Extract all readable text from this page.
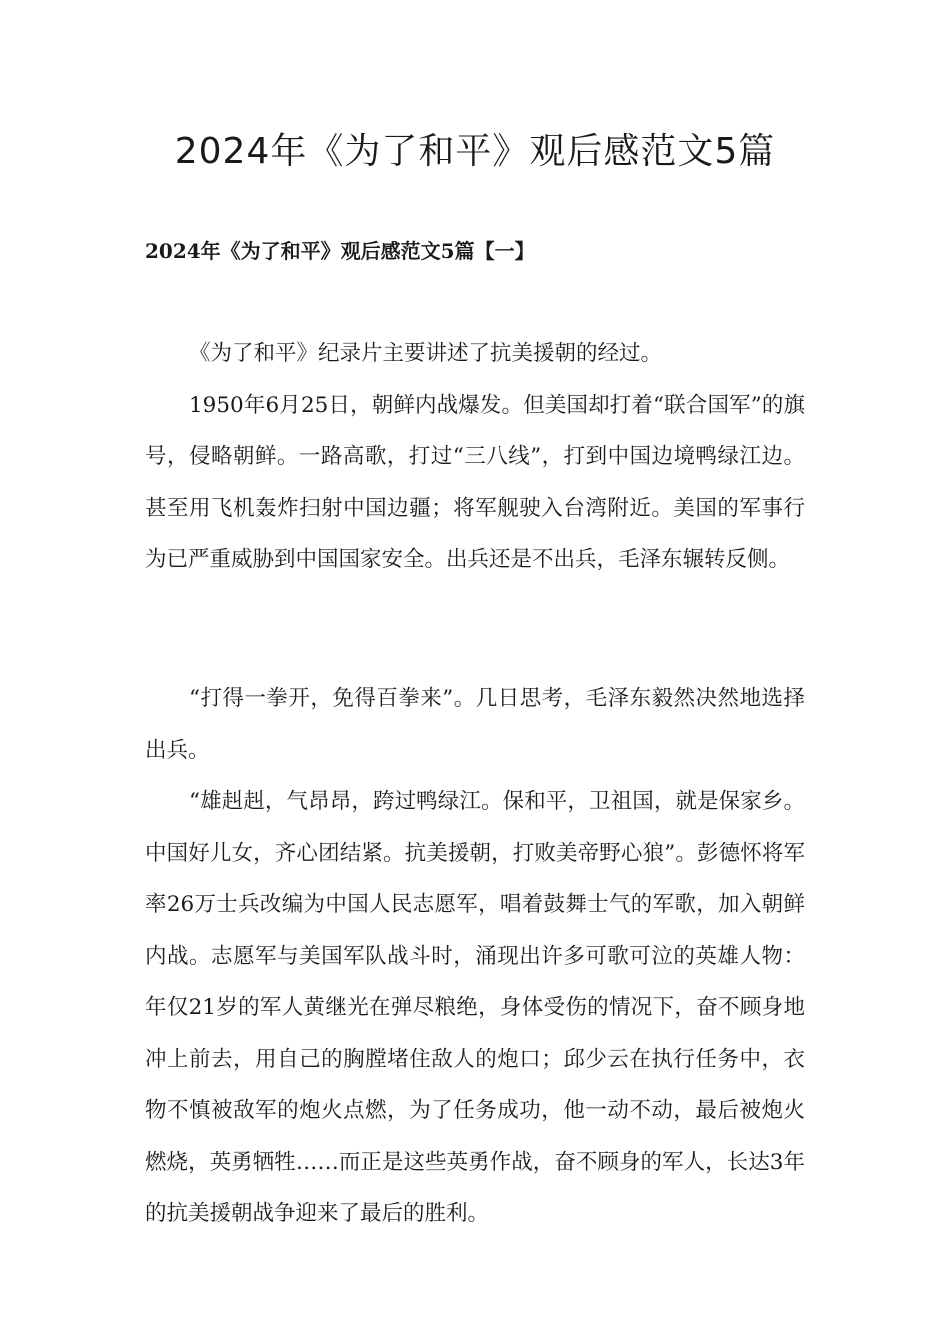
2024年《为了和平》观后感范文5篇
2024年《为了和平》观后感范文5篇【一】

《为了和平》纪录片主要讲述了抗美援朝的经过。

1950年6月25日，朝鲜内战爆发。但美国却打着“联合国军”的旗号，侵略朝鲜。一路高歌，打过“三八线”，打到中国边境鸭绿江边。甚至用飞机轰炸扫射中国边疆；将军舰驶入台湾附近。美国的军事行为已严重威胁到中国国家安全。出兵还是不出兵，毛泽东辗转反侧。

“打得一拳开，免得百拳来”。几日思考，毛泽东毅然决然地选择出兵。

“雄赳赳，气昂昂，跨过鸭绿江。保和平，卫祖国，就是保家乡。中国好儿女，齐心团结紧。抗美援朝，打败美帝野心狼”。彭德怀将军率26万士兵改编为中国人民志愿军，唱着鼓舞士气的军歌，加入朝鲜内战。志愿军与美国军队战斗时，涌现出许多可歌可泣的英雄人物：年仅21岁的军人黄继光在弹尽粮绝，身体受伤的情况下，奋不顾身地冲上前去，用自己的胸膛堵住敌人的炮口；邱少云在执行任务中，衣物不慎被敌军的炮火点燃，为了任务成功，他一动不动，最后被炮火燃烧，英勇牺牲……而正是这些英勇作战，奋不顾身的军人，长达3年的抗美援朝战争迎来了最后的胜利。
